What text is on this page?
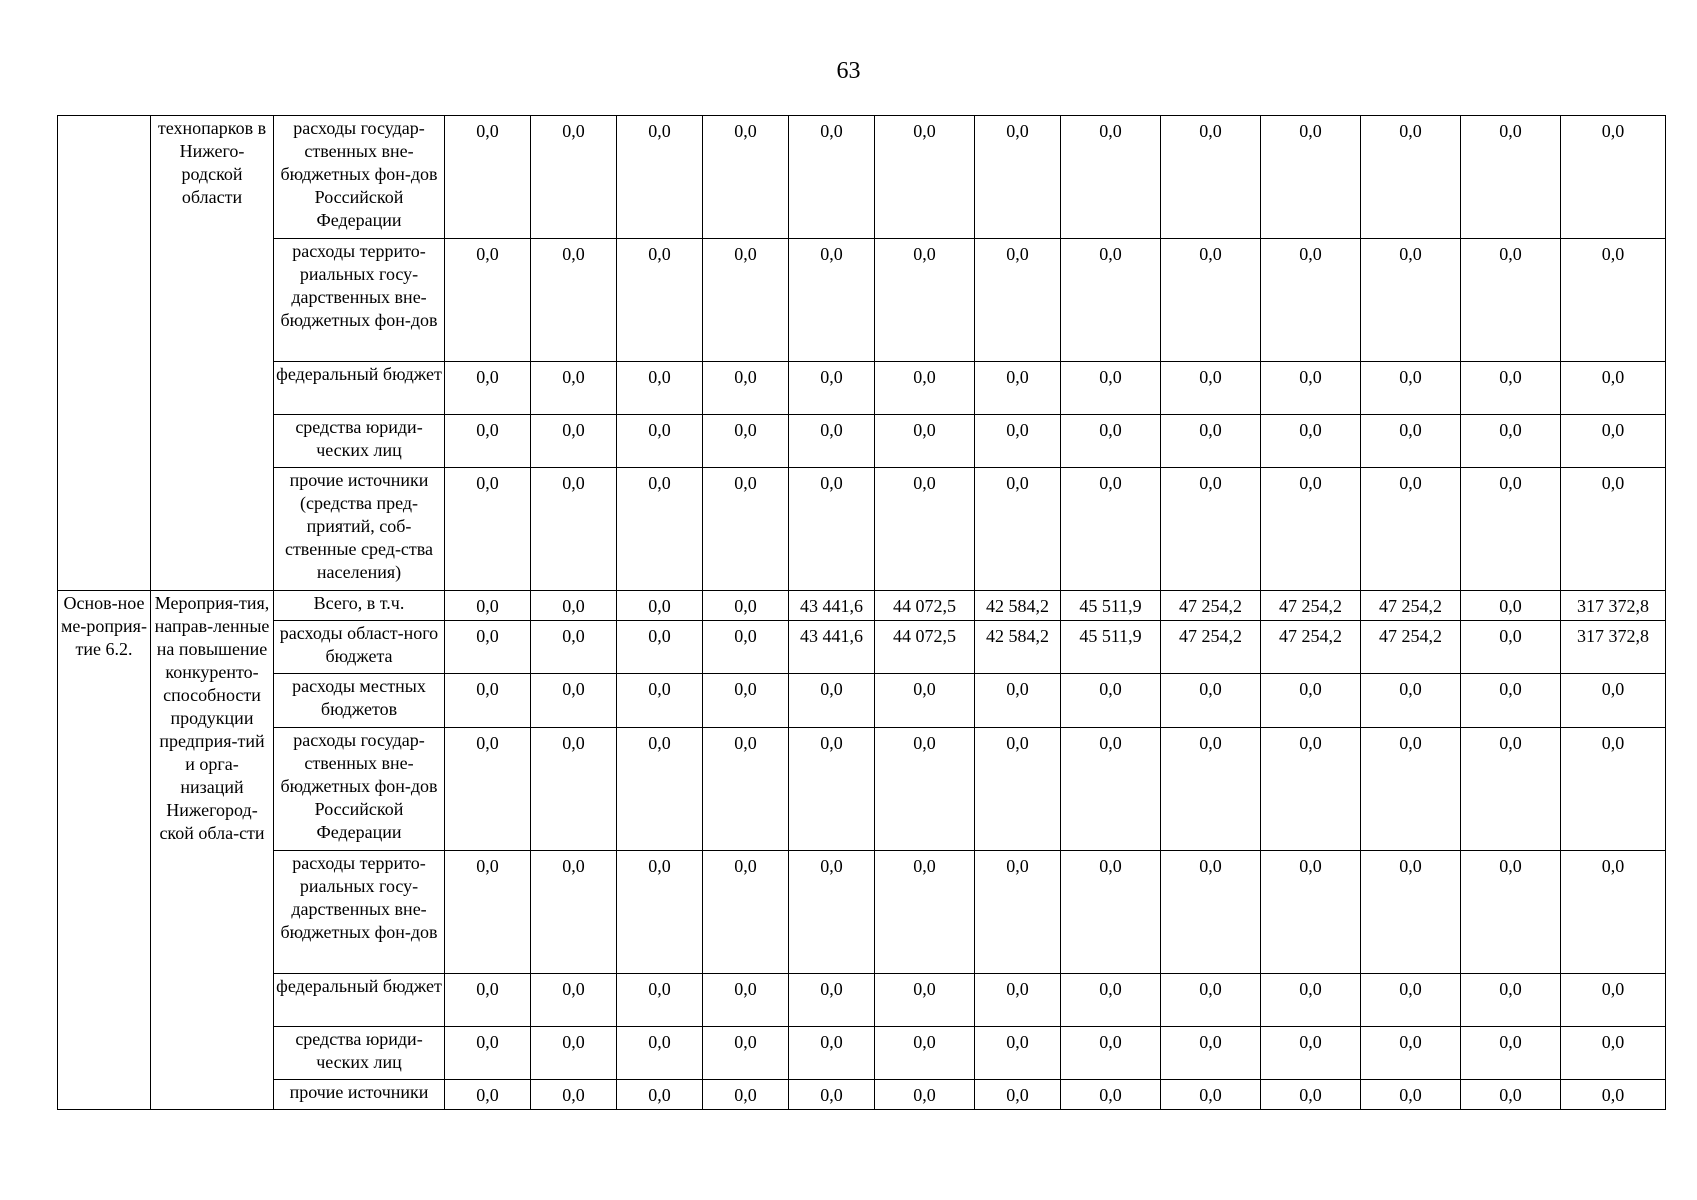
63
	технопарков в Нижего-родской области	расходы государ-ственных вне-бюджетных фон-дов Российской Федерации	0,0	0,0	0,0	0,0	0,0	0,0	0,0	0,0	0,0	0,0	0,0	0,0	0,0
		расходы террито-риальных госу-дарственных вне-бюджетных фон-дов	0,0	0,0	0,0	0,0	0,0	0,0	0,0	0,0	0,0	0,0	0,0	0,0	0,0
		федеральный бюджет	0,0	0,0	0,0	0,0	0,0	0,0	0,0	0,0	0,0	0,0	0,0	0,0	0,0
		средства юриди-ческих лиц	0,0	0,0	0,0	0,0	0,0	0,0	0,0	0,0	0,0	0,0	0,0	0,0	0,0
		прочие источники (средства пред-приятий, соб-ственные сред-ства населения)	0,0	0,0	0,0	0,0	0,0	0,0	0,0	0,0	0,0	0,0	0,0	0,0	0,0
Основ-ное ме-роприя-тие 6.2.	Мероприя-тия, направ-ленные на повышение конкуренто-способности продукции предприя-тий и орга-низаций Нижегород-ской обла-сти	Всего, в т.ч.	0,0	0,0	0,0	0,0	43 441,6	44 072,5	42 584,2	45 511,9	47 254,2	47 254,2	47 254,2	0,0	317 372,8
		расходы област-ного бюджета	0,0	0,0	0,0	0,0	43 441,6	44 072,5	42 584,2	45 511,9	47 254,2	47 254,2	47 254,2	0,0	317 372,8
		расходы местных бюджетов	0,0	0,0	0,0	0,0	0,0	0,0	0,0	0,0	0,0	0,0	0,0	0,0	0,0
		расходы государ-ственных вне-бюджетных фон-дов Российской Федерации	0,0	0,0	0,0	0,0	0,0	0,0	0,0	0,0	0,0	0,0	0,0	0,0	0,0
		расходы террито-риальных госу-дарственных вне-бюджетных фон-дов	0,0	0,0	0,0	0,0	0,0	0,0	0,0	0,0	0,0	0,0	0,0	0,0	0,0
		федеральный бюджет	0,0	0,0	0,0	0,0	0,0	0,0	0,0	0,0	0,0	0,0	0,0	0,0	0,0
		средства юриди-ческих лиц	0,0	0,0	0,0	0,0	0,0	0,0	0,0	0,0	0,0	0,0	0,0	0,0	0,0
		прочие источники	0,0	0,0	0,0	0,0	0,0	0,0	0,0	0,0	0,0	0,0	0,0	0,0	0,0
